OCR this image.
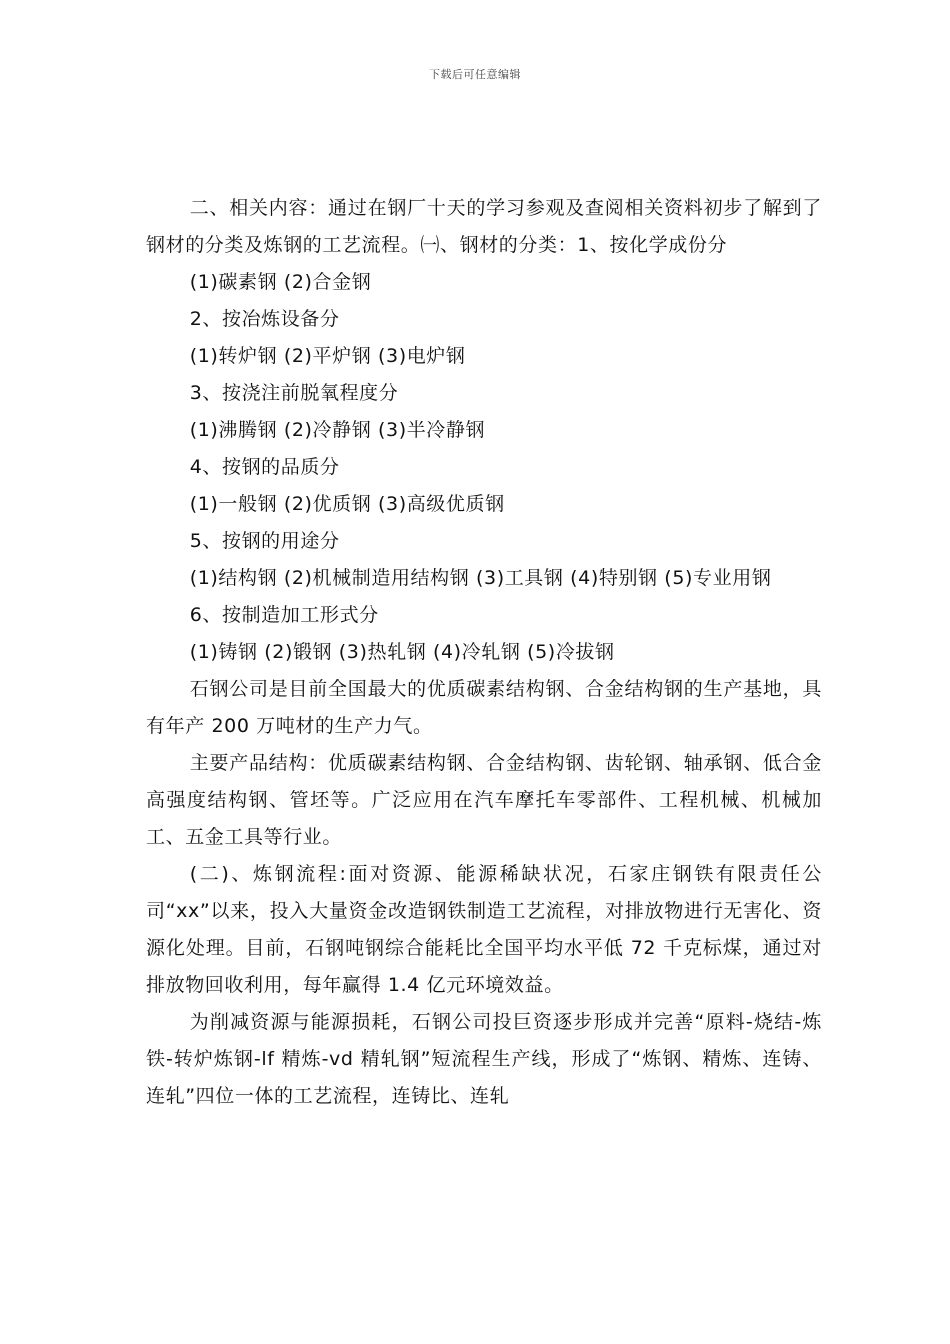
下载后可任意编辑

二、相关内容：通过在钢厂十天的学习参观及查阅相关资料初步了解到了钢材的分类及炼钢的工艺流程。㈠、钢材的分类：1、按化学成份分

(1)碳素钢 (2)合金钢

2、按冶炼设备分

(1)转炉钢 (2)平炉钢 (3)电炉钢

3、按浇注前脱氧程度分

(1)沸腾钢 (2)冷静钢 (3)半冷静钢

4、按钢的品质分

(1)一般钢 (2)优质钢 (3)高级优质钢

5、按钢的用途分

(1)结构钢 (2)机械制造用结构钢 (3)工具钢 (4)特别钢 (5)专业用钢

6、按制造加工形式分

(1)铸钢 (2)锻钢 (3)热轧钢 (4)冷轧钢 (5)冷拔钢

石钢公司是目前全国最大的优质碳素结构钢、合金结构钢的生产基地，具有年产 200 万吨材的生产力气。

主要产品结构：优质碳素结构钢、合金结构钢、齿轮钢、轴承钢、低合金高强度结构钢、管坯等。广泛应用在汽车摩托车零部件、工程机械、机械加工、五金工具等行业。

(二)、炼钢流程:面对资源、能源稀缺状况，石家庄钢铁有限责任公司“xx”以来，投入大量资金改造钢铁制造工艺流程，对排放物进行无害化、资源化处理。目前，石钢吨钢综合能耗比全国平均水平低 72 千克标煤，通过对排放物回收利用，每年赢得 1.4 亿元环境效益。

为削减资源与能源损耗，石钢公司投巨资逐步形成并完善“原料-烧结-炼铁-转炉炼钢-lf 精炼-vd 精轧钢”短流程生产线，形成了“炼钢、精炼、连铸、连轧”四位一体的工艺流程，连铸比、连轧
